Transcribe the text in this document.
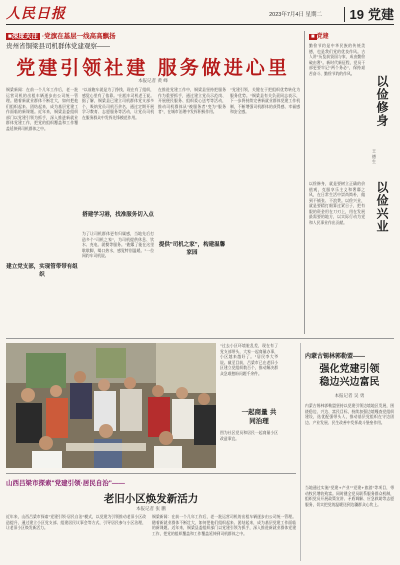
人民日报	2023年7月4日 星期二	19 党建
■深度关注 ·党旗在基层一线高高飘扬
贵州省铜梁县司机群体党建观察——
党建引领社建 服务做进心里
本报记者 黄 峰
铜梁新闻：在前一个几年工作后，老一批运营司机的出租车辆逐步由公司统一管理。随着新就业群体不断壮大，如何把他们组织起来、团结起来，成为基层党建工作面临的新课题。近年来，铜梁县委组织部门以党建引领为抓手，深入推进新就业群体党建工作，把党的组织覆盖和工作覆盖延伸到司机群体之中。
"以前跑车就是为了挣钱，现在有了组织，感觉心里有了依靠。"出租车司机老王说。据了解，铜梁县已建立司机群体党支部多个，吸纳党员司机百余名，通过定期开展学习教育、志愿服务等活动，让党员司机在服务群众中发挥先锋模范作用。
搭建学习港，找准服务切入点
为了让司机群体更有归属感，当地先后打造多个"司机之家"，为司机提供休息、饮水、充电、就餐等服务。"跑累了能在这里歇歇脚，喝口热水，感觉特别温暖。"一位网约车司机说。
在推进党建工作中，铜梁县坚持把服务作为重要抓手，通过建立党员示范岗、开展便民服务、组织爱心送考等活动，推动司机群体从"被服务者"变为"服务者"，在城市治理中发挥积极作用。
提供"司机之家"，构建温馨家园
"党建引领，关键在于把组织优势转化为服务优势。"铜梁县有关负责同志表示，下一步将持续完善新就业群体党建工作机制，不断增强司机群体的获得感、幸福感和安全感。
建立党支部，实现管带带有组织
■ 党建
勤俭节约是中华民族的传统美德，也是我们党的优良作风。古人讲"历览前贤国与家，成由勤俭破由奢"。新时代新征程，党员干部更要牢记"两个务必"，保持艰苦奋斗、勤俭节约的作风。
以俭修身
王 德 生
以俭兴业
以俭修身，就是要树立正确的价值观，克服享乐主义和奢靡之风，在日常生活中崇尚简朴，做到不铺张、不浪费。以俭兴业，就是要精打细算过紧日子，把有限的资金用在刀刃上，用在发展最需要的地方，以实际行动为党和人民事业作出贡献。
"过去小区环境脏乱差，现在有了党支部带头，大家一起商量办事，小区越来越好了。"居民李大爷说。截至目前，吕梁市已在老旧小区建立党组织数百个，推动解决群众急难愁盼问题千余件。
一起商量 共同治理
图为社区党员和居民一起商量小区改造事宜。
内蒙古锡林郭勒盟——
强化党建引领
稳边兴边富民
本报记者 吴 勇
内蒙古锡林郭勒盟坚持以党建引领边境地区发展，围绕稳边、兴边、富民目标，持续加强边境嘎查党组织建设，选优配强带头人，推动基层党组织在守边固边、产业发展、民生改善中发挥战斗堡垒作用。
当地通过实施"党建+产业""党建+旅游"等项目，带动牧民增收致富。同时健全党员联系服务群众机制，组织党员开展政策宣讲、矛盾调解、应急救助等志愿服务，切实把党的温暖送到边疆群众心坎上。
山西吕梁市探索"党建引领·居民自治"——
老旧小区焕发新活力
本报记者 张 鹏
近年来，山西吕梁市探索"党建引领·居民自治"模式，以党建为引领推动老旧小区改造提升，通过建立小区党支部、组建居民议事会等方式，引导居民参与小区治理，让老旧小区焕发新活力。
铜梁新闻：在前一个几年工作后，老一批运营司机的出租车辆逐步由公司统一管理。随着新就业群体不断壮大，如何把他们组织起来、团结起来，成为基层党建工作面临的新课题。近年来，铜梁县委组织部门以党建引领为抓手，深入推进新就业群体党建工作，把党的组织覆盖和工作覆盖延伸到司机群体之中。
